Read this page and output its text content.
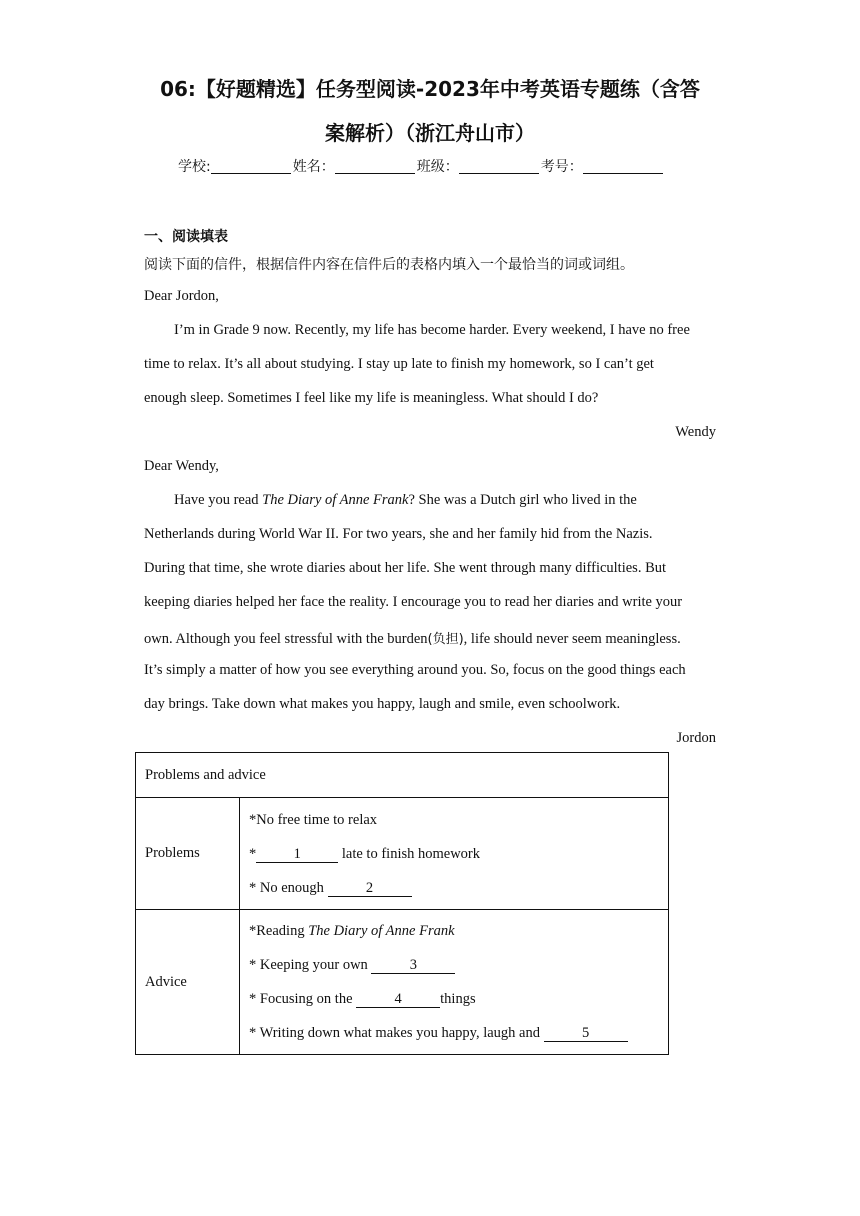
06:【好题精选】任务型阅读-2023年中考英语专题练（含答
案解析）（浙江舟山市）
学校:	姓名：	班级：	考号：
一、阅读填表
阅读下面的信件，根据信件内容在信件后的表格内填入一个最恰当的词或词组。
Dear Jordon,
I’m in Grade 9 now. Recently, my life has become harder. Every weekend, I have no free
time to relax. It’s all about studying. I stay up late to finish my homework, so I can’t get
enough sleep. Sometimes I feel like my life is meaningless. What should I do?
Wendy
Dear Wendy,
Have you read The Diary of Anne Frank? She was a Dutch girl who lived in the
Netherlands during World War II. For two years, she and her family hid from the Nazis.
During that time, she wrote diaries about her life. She went through many difficulties. But
keeping diaries helped her face the reality. I encourage you to read her diaries and write your
own. Although you feel stressful with the burden(负担), life should never seem meaningless.
It’s simply a matter of how you see everything around you. So, focus on the good things each
day brings. Take down what makes you happy, laugh and smile, even schoolwork.
Jordon
Problems and advice	
Problems	*No free time to relax
* 1 late to finish homework
* No enough 2

Advice	*Reading The Diary of Anne Frank
* Keeping your own 3
* Focusing on the 4 things
* Writing down what makes you happy, laugh and 5
